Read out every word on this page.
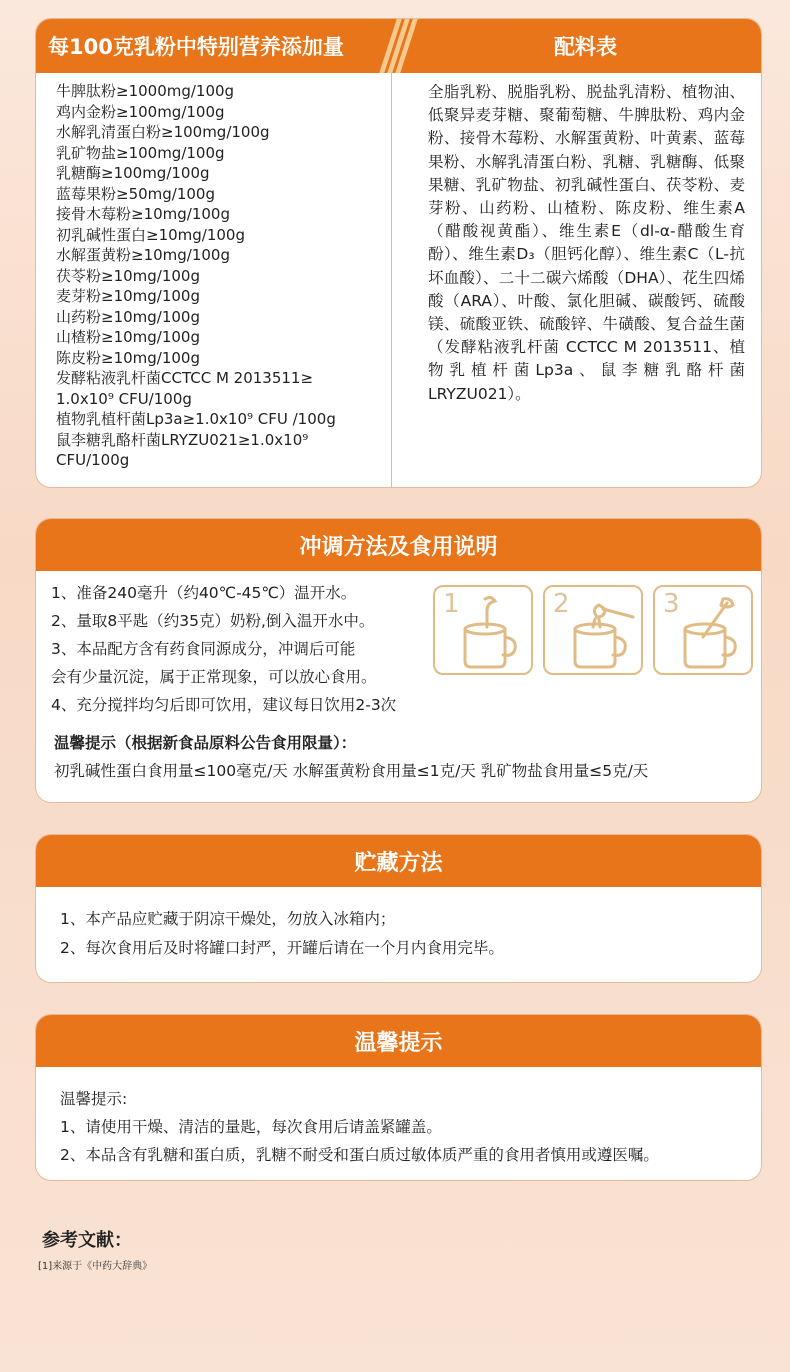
每100克乳粉中特别营养添加量	配料表
牛脾肽粉≥1000mg/100g
鸡内金粉≥100mg/100g
水解乳清蛋白粉≥100mg/100g
乳矿物盐≥100mg/100g
乳糖酶≥100mg/100g
蓝莓果粉≥50mg/100g
接骨木莓粉≥10mg/100g
初乳碱性蛋白≥10mg/100g
水解蛋黄粉≥10mg/100g
茯苓粉≥10mg/100g
麦芽粉≥10mg/100g
山药粉≥10mg/100g
山楂粉≥10mg/100g
陈皮粉≥10mg/100g
发酵粘液乳杆菌CCTCC M 2013511≥
1.0x10⁹ CFU/100g
植物乳植杆菌Lp3a≥1.0x10⁹ CFU /100g
鼠李糖乳酪杆菌LRYZU021≥1.0x10⁹
CFU/100g
全脂乳粉、脱脂乳粉、脱盐乳清粉、植物油、低聚异麦芽糖、聚葡萄糖、牛脾肽粉、鸡内金粉、接骨木莓粉、水解蛋黄粉、叶黄素、蓝莓果粉、水解乳清蛋白粉、乳糖、乳糖酶、低聚果糖、乳矿物盐、初乳碱性蛋白、茯苓粉、麦芽粉、山药粉、山楂粉、陈皮粉、维生素A（醋酸视黄酯）、维生素E（dl-α-醋酸生育酚）、维生素D₃（胆钙化醇）、维生素C（L-抗坏血酸）、二十二碳六烯酸（DHA）、花生四烯酸（ARA）、叶酸、氯化胆碱、碳酸钙、硫酸镁、硫酸亚铁、硫酸锌、牛磺酸、复合益生菌（发酵粘液乳杆菌 CCTCC M 2013511、植物乳植杆菌Lp3a、鼠李糖乳酪杆菌 LRYZU021）。
冲调方法及食用说明
1、准备240毫升（约40℃-45℃）温开水。
2、量取8平匙（约35克）奶粉,倒入温开水中。
3、本品配方含有药食同源成分，冲调后可能
会有少量沉淀，属于正常现象，可以放心食用。
4、充分搅拌均匀后即可饮用，建议每日饮用2-3次
1	2	3
温馨提示（根据新食品原料公告食用限量）：
初乳碱性蛋白食用量≤100毫克/天 水解蛋黄粉食用量≤1克/天 乳矿物盐食用量≤5克/天
贮藏方法
1、本产品应贮藏于阴凉干燥处，勿放入冰箱内；
2、每次食用后及时将罐口封严，开罐后请在一个月内食用完毕。
温馨提示
温馨提示:
1、请使用干燥、清洁的量匙，每次食用后请盖紧罐盖。
2、本品含有乳糖和蛋白质，乳糖不耐受和蛋白质过敏体质严重的食用者慎用或遵医嘱。
参考文献：
[1]来源于《中药大辞典》
